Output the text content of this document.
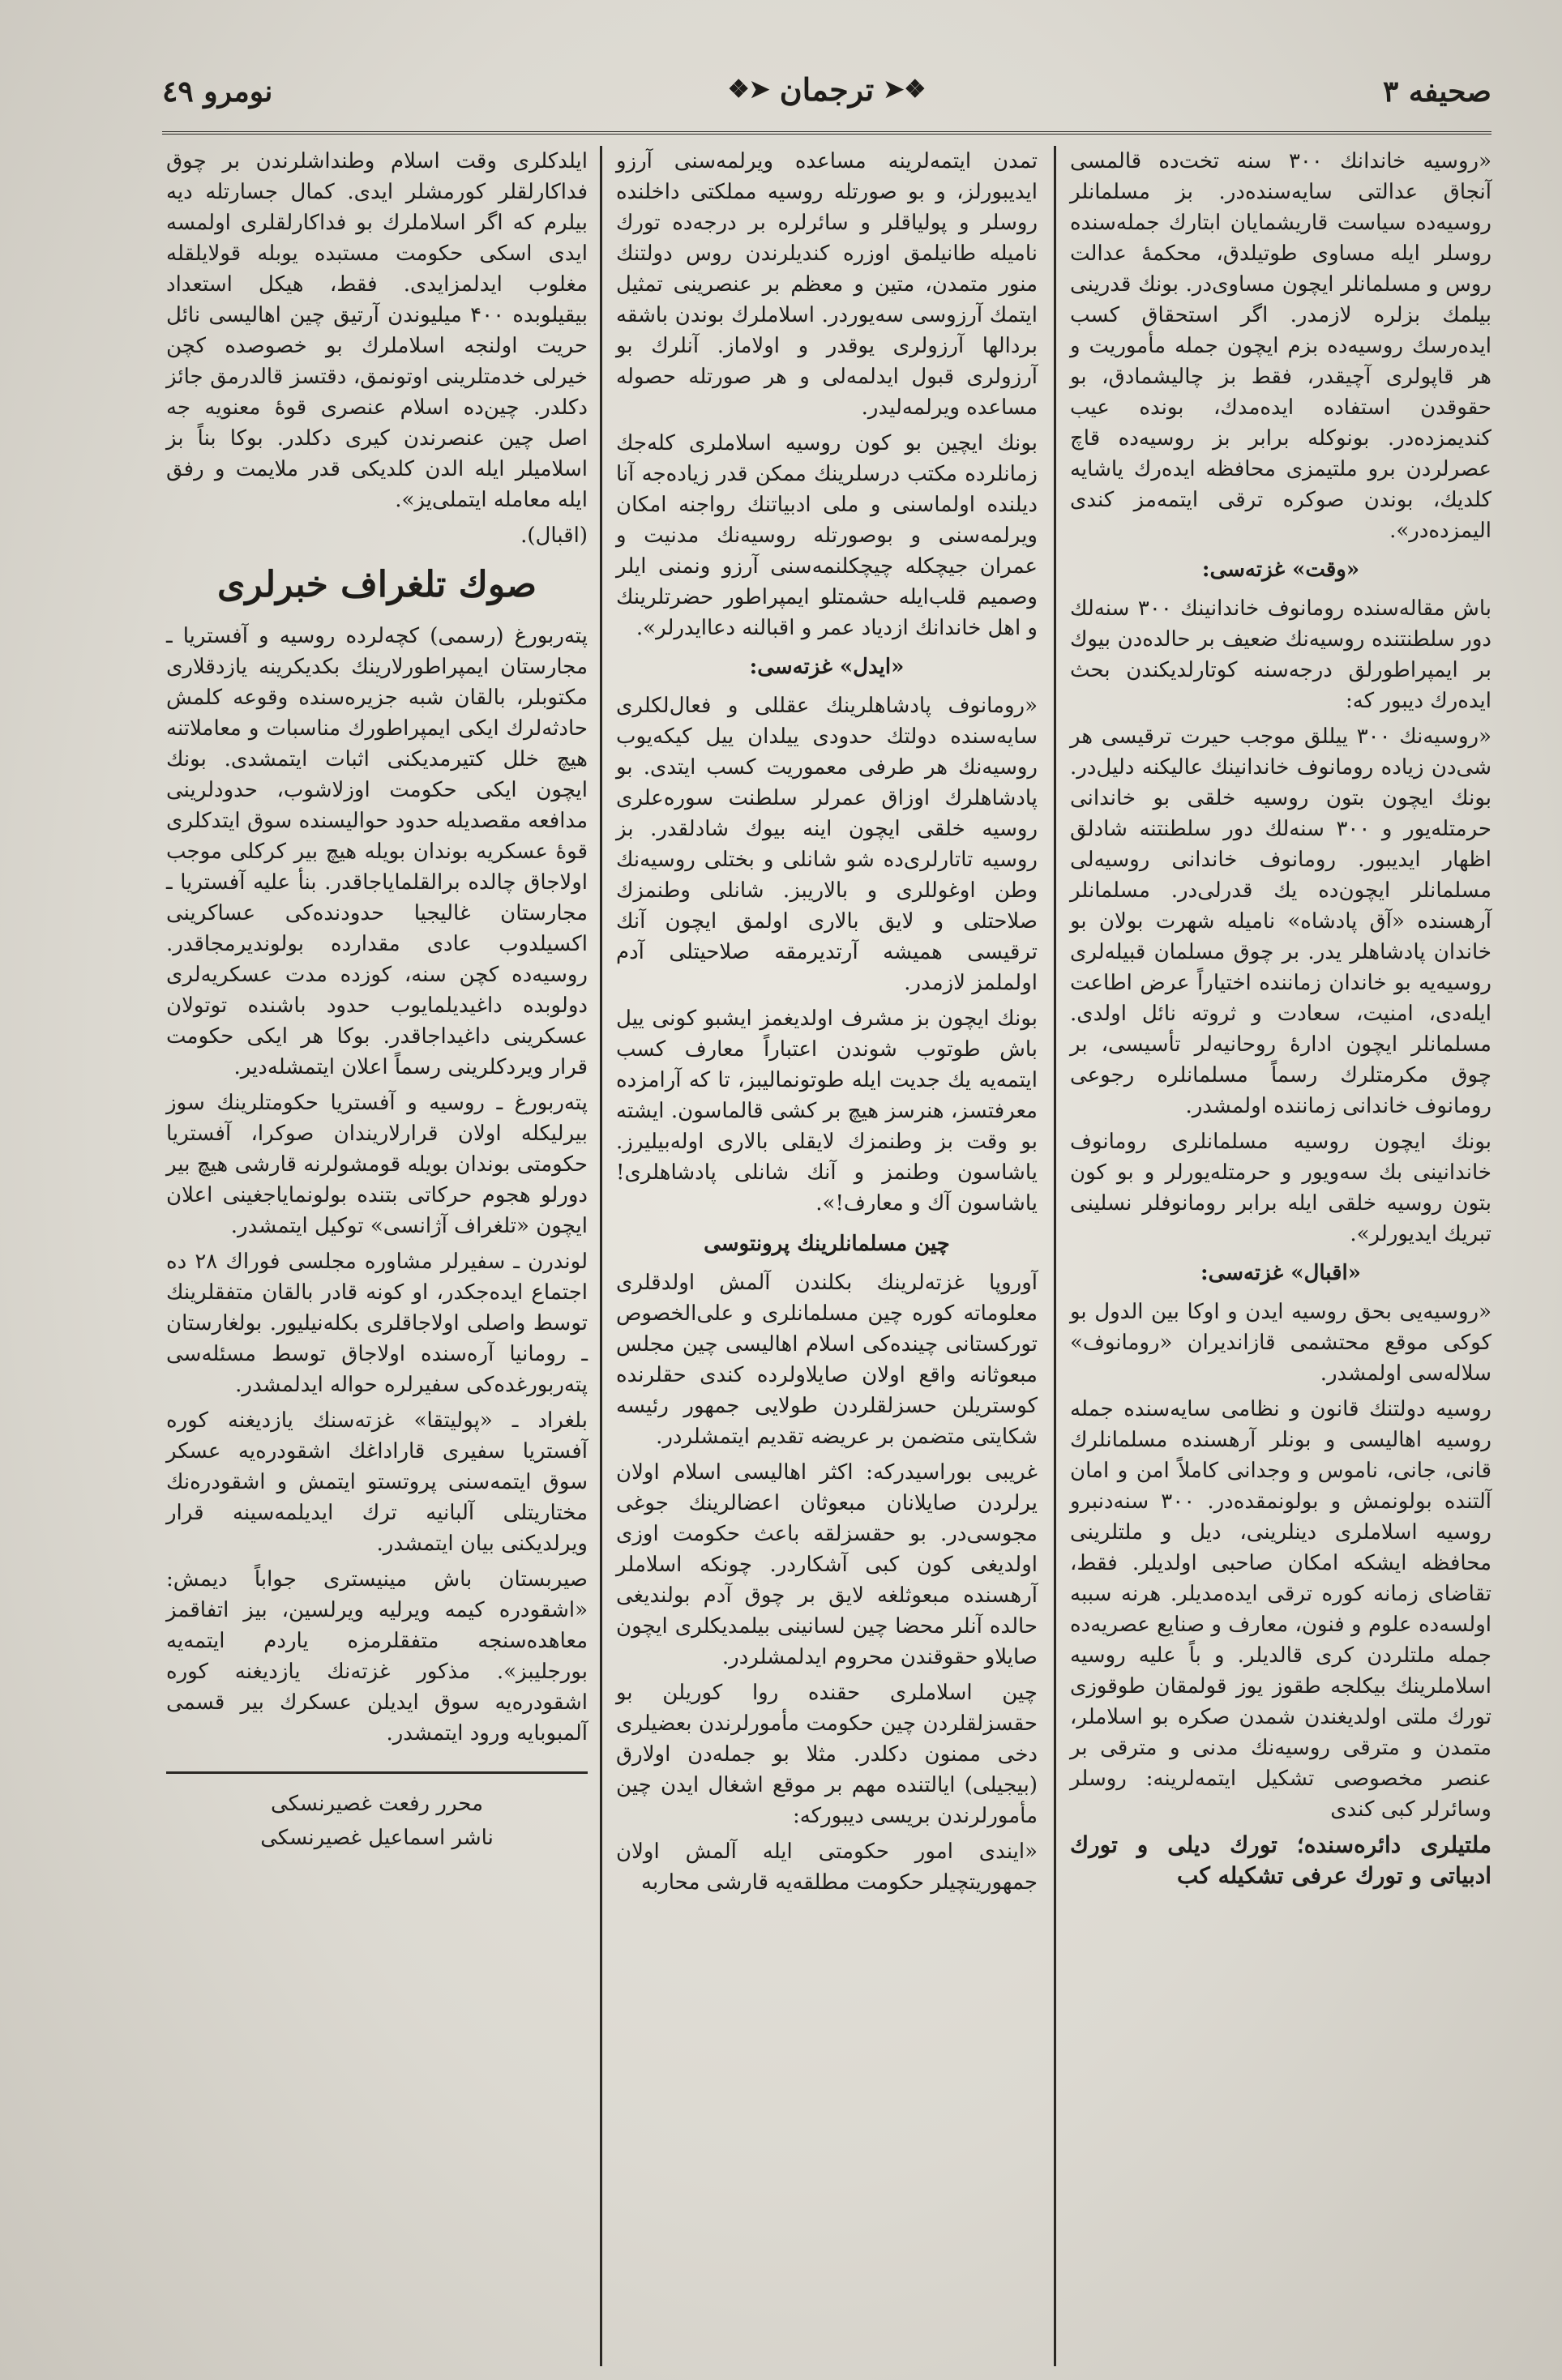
صحیفه ۳
❖➤
ترجمان
➤❖
نومرو ٤٩

«روسیه خاندانك ۳۰۰ سنه تخت‌ده قالمسی آنجاق عدالتی سایه‌سنده‌در. بز مسلمانلر روسیه‌ده سیاست قاریشمایان ابتارك جمله‌سنده روسلر ایله مساوی طوتیلدق، محکمهٔ عدالت روس و مسلمانلر ایچون مساوی‌در. بونك قدرینی بیلمك بزلره لازمدر. اگر استحقاق کسب ایده‌رسك روسیه‌ده بزم ایچون جمله مأموریت و هر قاپولری آچیقدر، فقط بز چالیشمادق، بو حقوقدن استفاده ایده‌مدك، بونده عیب کندیمزده‌در. بونوکله برابر بز روسیه‌ده قاچ عصرلردن برو ملتیمزی محافظه ایده‌رك یاشایه کلدیك، بوندن صوکره ترقی ایتمه‌مز کندی الیمزده‌در».

«وقت» غزته‌سی:

باش مقاله‌سنده رومانوف خاندانینك ۳۰۰ سنه‌لك دور سلطنتنده روسیه‌نك ضعیف بر حالده‌دن بیوك بر ایمپراطورلق درجه‌سنه کوتارلدیکندن بحث ایده‌رك دیبور که:

«روسیه‌نك ۳۰۰ ییللق موجب حیرت ترقیسی هر شی‌دن زیاده رومانوف خاندانینك عالیکنه دلیل‌در. بونك ایچون بتون روسیه خلقی بو خاندانی حرمتله‌یور و ۳۰۰ سنه‌لك دور سلطنتنه شادلق اظهار ایدیبور. رومانوف خاندانی روسیه‌لی مسلمانلر ایچون‌ده یك قدرلی‌در. مسلمانلر آرهسنده «آق پادشاه» نامیله شهرت بولان بو خاندان پادشاهلر یدر. بر چوق مسلمان قبیله‌لری روسیه‌یه بو خاندان زماننده اختیاراً عرض اطاعت ایله‌دی، امنیت، سعادت و ثروته نائل اولدی. مسلمانلر ایچون ادارهٔ روحانیه‌لر تأسیسی، بر چوق مکرمتلرك رسماً مسلمانلره رجوعی رومانوف خاندانی زماننده اولمشدر.

بونك ایچون روسیه مسلمانلری رومانوف خاندانینی بك سه‌ویور و حرمتله‌یورلر و بو کون بتون روسیه خلقی ایله برابر رومانوفلر نسلینی تبریك ایدیورلر».

«اقبال» غزته‌سی:

«روسیه‌یی بحق روسیه ایدن و اوکا بین الدول بو کوکی موقع محتشمی قازاندیران «رومانوف» سلاله‌سی اولمشدر.

روسیه دولتنك قانون و نظامی سایه‌سنده جمله روسیه اهالیسی و بونلر آرهسنده مسلمانلرك قانی، جانی، ناموس و وجدانی کاملاً امن و امان آلتنده بولونمش و بولونمقده‌در. ۳۰۰ سنه‌دنبرو روسیه اسلاملری دینلرینی، دیل و ملتلرینی محافظه ایشکه امکان صاحبی اولدیلر. فقط، تقاضای زمانه کوره ترقی ایده‌مدیلر. هرنه سببه اولسه‌ده علوم و فنون، معارف و صنایع عصریه‌ده جمله ملتلردن کری قالدیلر. و باً علیه روسیه اسلاملرینك بیکلجه طقوز یوز قولمقان طوقوزی تورك ملتی اولدیغندن شمدن صکره بو اسلاملر، متمدن و مترقی روسیه‌نك مدنی و مترقی بر عنصر مخصوصی تشکیل ایتمه‌لرینه: روسلر وسائرلر کبی کندی

ملتیلری دائره‌سنده؛ تورك دیلی و تورك ادبیاتی و تورك عرفی تشکیله کب

تمدن ایتمه‌لرینه مساعده ویرلمه‌سنی آرزو ایدیبورلز، و بو صورتله روسیه مملکتی داخلنده روسلر و پولیاقلر و سائرلره بر درجه‌ده تورك نامیله طانیلمق اوزره کندیلرندن روس دولتنك منور متمدن، متین و معظم بر عنصرینی تمثیل ایتمك آرزوسی سه‌یوردر. اسلاملرك بوندن باشقه بردالها آرزولری یوقدر و اولاماز. آنلرك بو آرزولری قبول ایدلمه‌لی و هر صورتله حصوله مساعده ویرلمه‌لیدر.

بونك ایچین بو کون روسیه اسلاملری کله‌جك زمانلرده مکتب درسلرینك ممکن قدر زیاده‌جه آنا دیلنده اولماسنی و ملی ادبیاتنك رواجنه امکان ویرلمه‌سنی و بوصورتله روسیه‌نك مدنیت و عمران جیچکله چیچکلنمه‌سنی آرزو ونمنی ایلر وصمیم قلب‌ایله حشمتلو ایمپراطور حضرتلرینك و اهل خاندانك ازدیاد عمر و اقبالنه دعاایدرلر».

«ایدل» غزته‌سی:

«رومانوف پادشاهلرینك عقللی و فعال‌لکلری سایه‌سنده دولتك حدودی ییلدان ییل کیکه‌یوب روسیه‌نك هر طرفی معموریت کسب ایتدی. بو پادشاهلرك اوزاق عمرلر سلطنت سوره‌علری روسیه خلقی ایچون اینه بیوك شادلقدر. بز روسیه تاتارلری‌ده شو شانلی و بختلی روسیه‌نك وطن اوغوللری و بالاریبز. شانلی وطنمزك صلاحتلی و لایق بالاری اولمق ایچون آنك ترقیسی همیشه آرتدیرمقه صلاحیتلی آدم اولملمز لازمدر.

بونك ایچون بز مشرف اولدیغمز ایشبو کونی ییل باش طوتوب شوندن اعتباراً معارف کسب ایتمه‌یه یك جدیت ایله طوتونمالیبز، تا که آرامزده معرفتسز، هنرسز هیچ بر کشی قالماسون. ایشته بو وقت بز وطنمزك لایقلی بالاری اوله‌بیلیرز. یاشاسون وطنمز و آنك شانلی پادشاهلری! یاشاسون آك و معارف!».

چین مسلمانلرینك پرونتوسی

آوروپا غزته‌لرینك بکلندن آلمش اولدقلری معلوماته کوره چین مسلمانلری و علی‌الخصوص تورکستانی چینده‌کی اسلام اهالیسی چین مجلس مبعوثانه واقع اولان صایلاولرده کندی حقلرنده کوستریلن حسزلقلردن طولایی جمهور رئیسه شکایتی متضمن بر عریضه تقدیم ایتمشلردر.

غریبی بوراسیدرکه: اکثر اهالیسی اسلام اولان یرلردن صایلانان مبعوثان اعضالرینك جوغی مجوسی‌در. بو حقسزلقه باعث حکومت اوزی اولدیغی کون کبی آشکاردر. چونکه اسلاملر آرهسنده مبعوثلغه لایق بر چوق آدم بولندیغی حالده آنلر محضا چین لسانینی بیلمدیکلری ایچون صایلاو حقوقندن محروم ایدلمشلردر.

چین اسلاملری حقنده روا کوریلن بو حقسزلقلردن چین حکومت مأمورلرندن بعضیلری دخی ممنون دکلدر. مثلا بو جمله‌دن اولارق (بیجیلی) ایالتنده مهم بر موقع اشغال ایدن چین مأمورلرندن بریسی دیبورکه:

«ایندی امور حکومتی ایله آلمش اولان جمهوریتچیلر حکومت مطلقه‌یه قارشی محاربه

ایلدکلری وقت اسلام وطنداشلرندن بر چوق فداکارلقلر کورمشلر ایدی. کمال جسارتله دیه بیلرم که اگر اسلاملرك بو فداکارلقلری اولمسه ایدی اسکی حکومت مستبده یوبله قولایلقله مغلوب ایدلمزایدی. فقط، هیکل استعداد بیقیلوبده ۴۰۰ میلیوندن آرتیق چین اهالیسی نائل حریت اولنجه اسلاملرك بو خصوصده کچن خیرلی خدمتلرینی اوتونمق، دقتسز قالدرمق جائز دکلدر. چین‌ده اسلام عنصری قوهٔ معنویه جه اصل چین عنصرندن کیری دکلدر. بوکا بناً بز اسلامیلر ایله الدن کلدیکی قدر ملایمت و رفق ایله معامله ایتملی‌یز».

(اقبال).

صوك تلغراف خبرلری

پته‌ربورغ (رسمی) کچه‌لرده روسیه و آفستریا ـ مجارستان ایمپراطورلارینك بکدیکرینه یازدقلاری مکتوبلر، بالقان شبه جزیره‌سنده وقوعه کلمش حادثه‌لرك ایکی ایمپراطورك مناسبات و معاملاتنه هیچ خلل کتیرمدیکنی اثبات ایتمشدی. بونك ایچون ایکی حکومت اوزلاشوب، حدودلرینی مدافعه مقصدیله حدود حوالیسنده سوق ایتدکلری قوهٔ عسکریه بوندان بویله هیچ بیر کرکلی موجب اولاجاق چالده برالقلمایاجاقدر. بنأ علیه آفستریا ـ مجارستان غالیجیا حدودنده‌کی عساکرینی اکسیلدوب عادی مقدارده بولوندیرمجاقدر. روسیه‌ده کچن سنه، کوزده مدت عسکریه‌لری دولوبده داغیدیلمایوب حدود باشنده توتولان عسکرینی داغیداجاقدر. بوکا هر ایکی حکومت قرار ویردکلرینی رسماً اعلان ایتمشله‌دیر.

پته‌ربورغ ـ روسیه و آفستریا حکومتلرینك سوز بیرلیکله اولان قرارلاریندان صوکرا، آفستریا حکومتی بوندان بویله قومشولرنه قارشی هیچ بیر دورلو هجوم حرکاتی بتنده بولونمایاجغینی اعلان ایچون «تلغراف آژانسی» توکیل ایتمشدر.

لوندرن ـ سفیرلر مشاوره مجلسی فوراك ۲۸ ده اجتماع ایده‌جکدر، او کونه قادر بالقان متفقلرینك توسط واصلی اولاجاقلری بکله‌نیلیور. بولغارستان ـ رومانیا آره‌سنده اولاجاق توسط مسئله‌سی پته‌ربورغده‌کی سفیرلره حواله ایدلمشدر.

بلغراد ـ «پولیتقا» غزته‌سنك یازدیغنه کوره آفستریا سفیری قاراداغك اشقودره‌یه عسکر سوق ایتمه‌سنی پروتستو ایتمش و اشقودره‌نك مختاریتلی آلبانیه ترك ایدیلمه‌سینه قرار ویرلدیکنی بیان ایتمشدر.

صیربستان باش مینیستری جواباً دیمش: «اشقودره کیمه ویرلیه ویرلسین، بیز اتفاقمز معاهده‌سنجه متفقلرمزه یاردم ایتمه‌یه بورجلیبز». مذکور غزته‌نك یازدیغنه کوره اشقودره‌یه سوق ایدیلن عسکرك بیر قسمی آلمبوبایه ورود ایتمشدر.

محرر رفعت غصیرنسکی

ناشر اسماعیل غصیرنسکی
